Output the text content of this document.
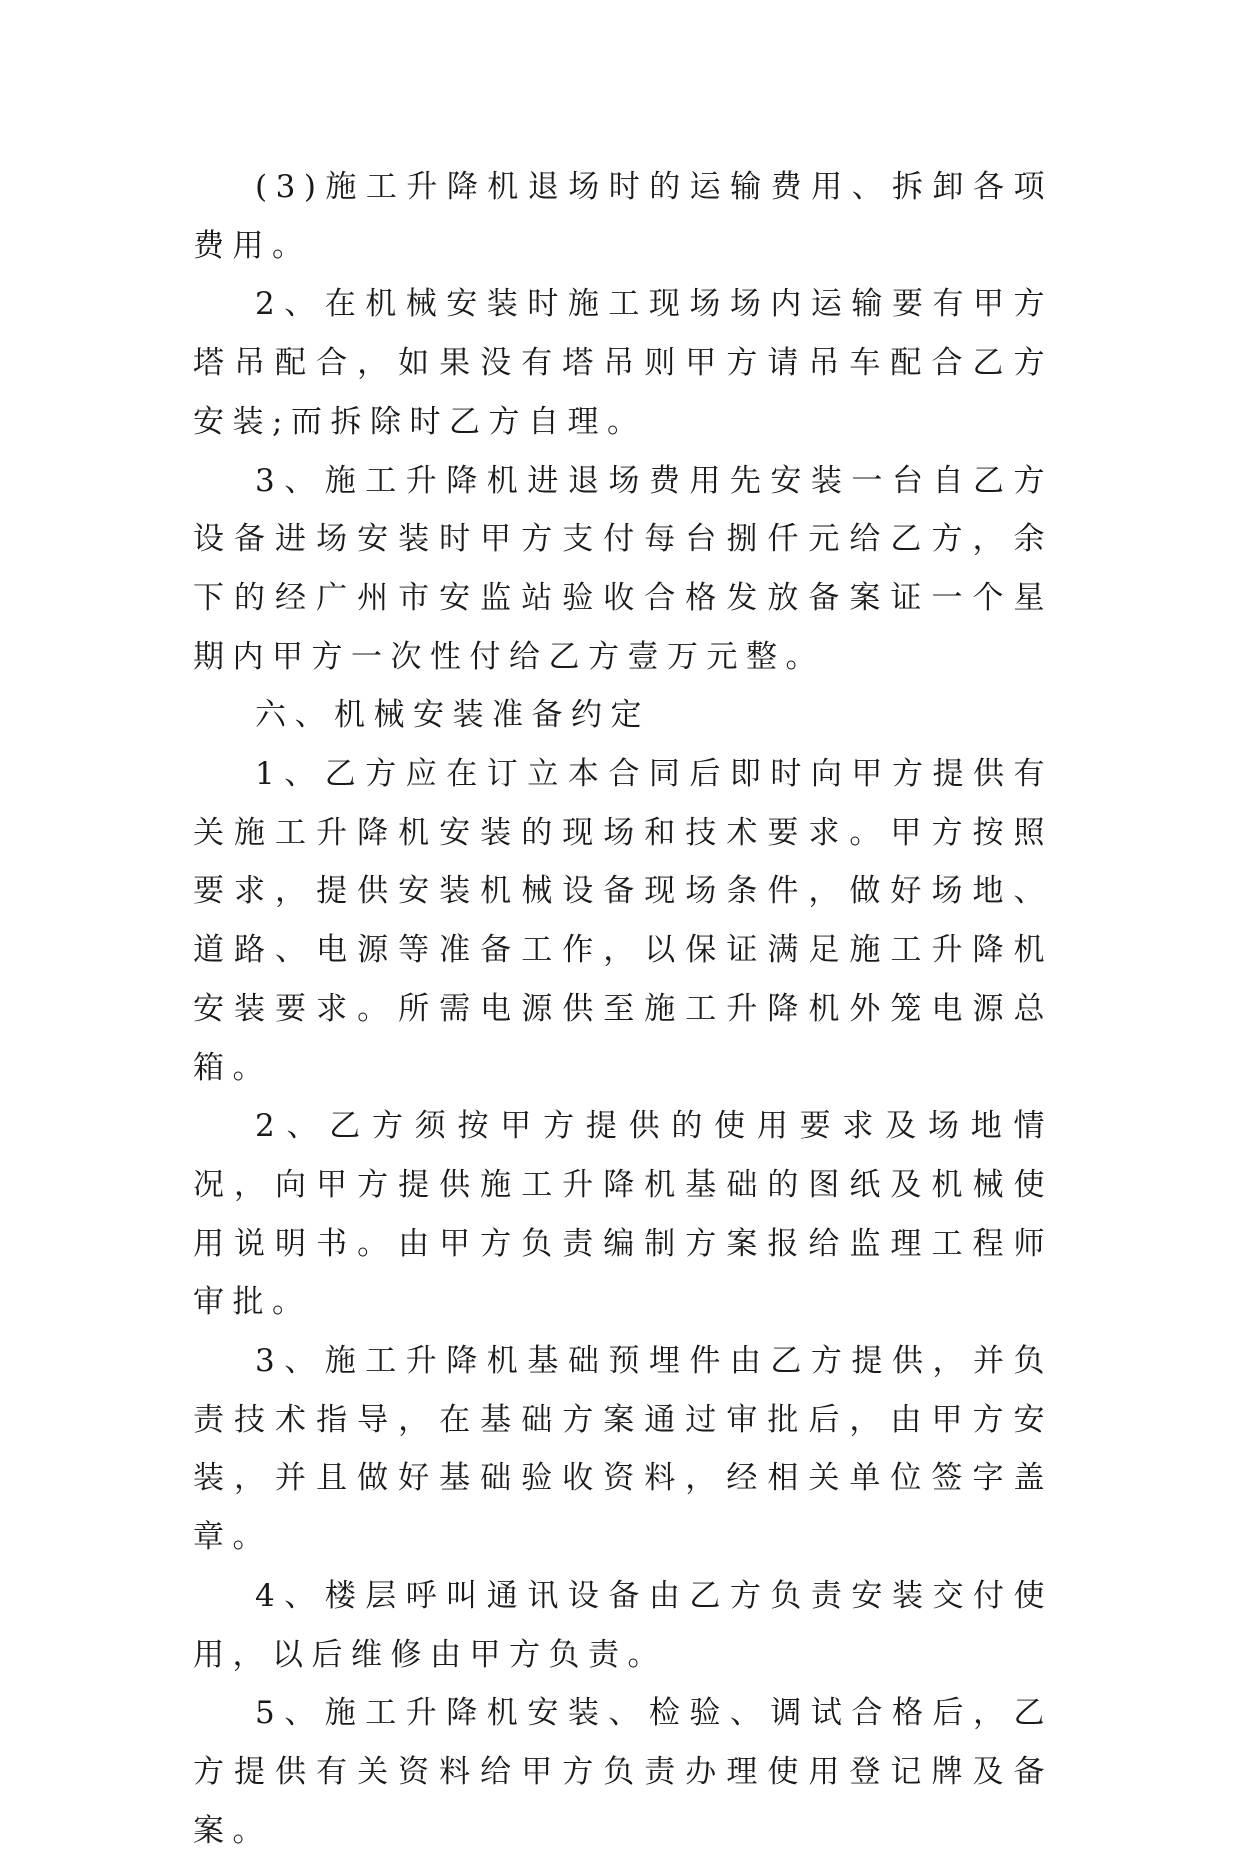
(3)施工升降机退场时的运输费用、拆卸各项费用。

2、在机械安装时施工现场场内运输要有甲方塔吊配合，如果没有塔吊则甲方请吊车配合乙方安装;而拆除时乙方自理。

3、施工升降机进退场费用先安装一台自乙方设备进场安装时甲方支付每台捌仟元给乙方，余下的经广州市安监站验收合格发放备案证一个星期内甲方一次性付给乙方壹万元整。

六、机械安装准备约定

1、乙方应在订立本合同后即时向甲方提供有关施工升降机安装的现场和技术要求。甲方按照要求，提供安装机械设备现场条件，做好场地、道路、电源等准备工作，以保证满足施工升降机安装要求。所需电源供至施工升降机外笼电源总箱。

2、乙方须按甲方提供的使用要求及场地情况，向甲方提供施工升降机基础的图纸及机械使用说明书。由甲方负责编制方案报给监理工程师审批。

3、施工升降机基础预埋件由乙方提供，并负责技术指导，在基础方案通过审批后，由甲方安装，并且做好基础验收资料，经相关单位签字盖章。

4、楼层呼叫通讯设备由乙方负责安装交付使用，以后维修由甲方负责。

5、施工升降机安装、检验、调试合格后，乙方提供有关资料给甲方负责办理使用登记牌及备案。
